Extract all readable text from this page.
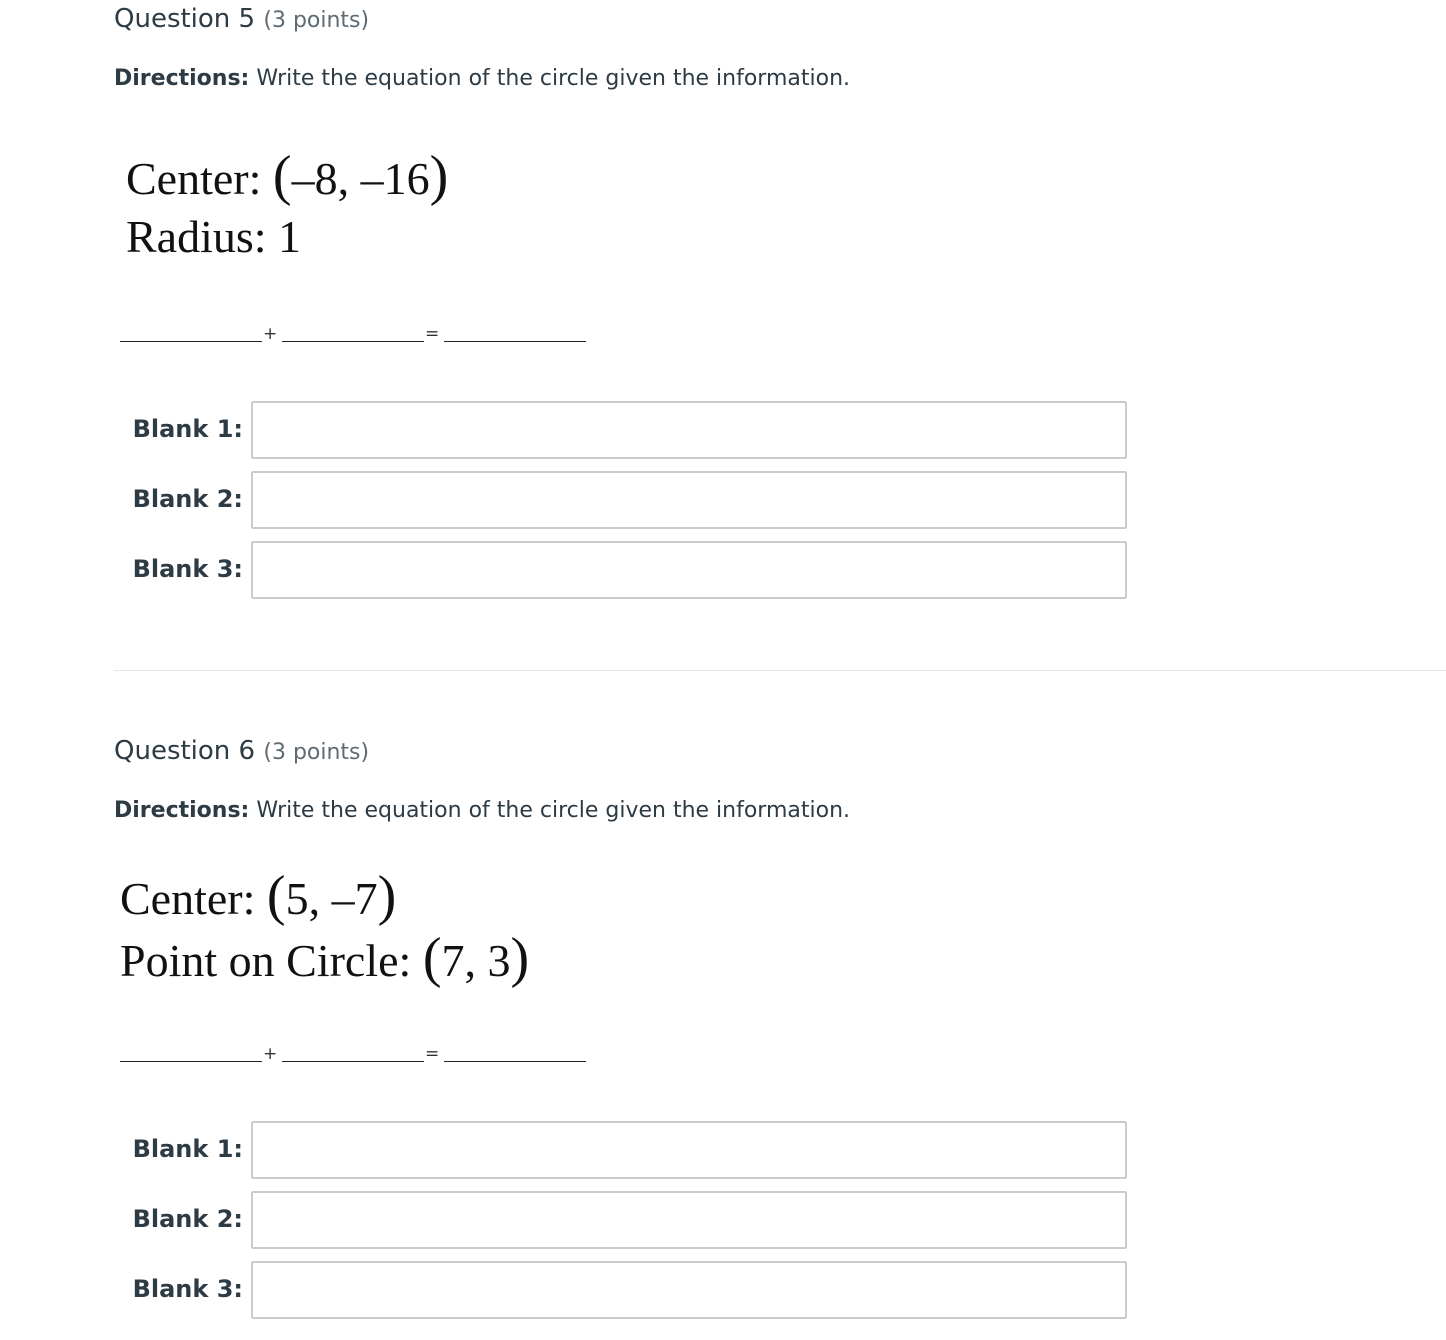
Question 5 (3 points)
Directions: Write the equation of the circle given the information.
Center: (–8, –16)
Radius: 1
+	=
Blank 1:
Blank 2:
Blank 3:
Question 6 (3 points)
Directions: Write the equation of the circle given the information.
Center: (5, –7)
Point on Circle: (7, 3)
+	=
Blank 1:
Blank 2:
Blank 3:
